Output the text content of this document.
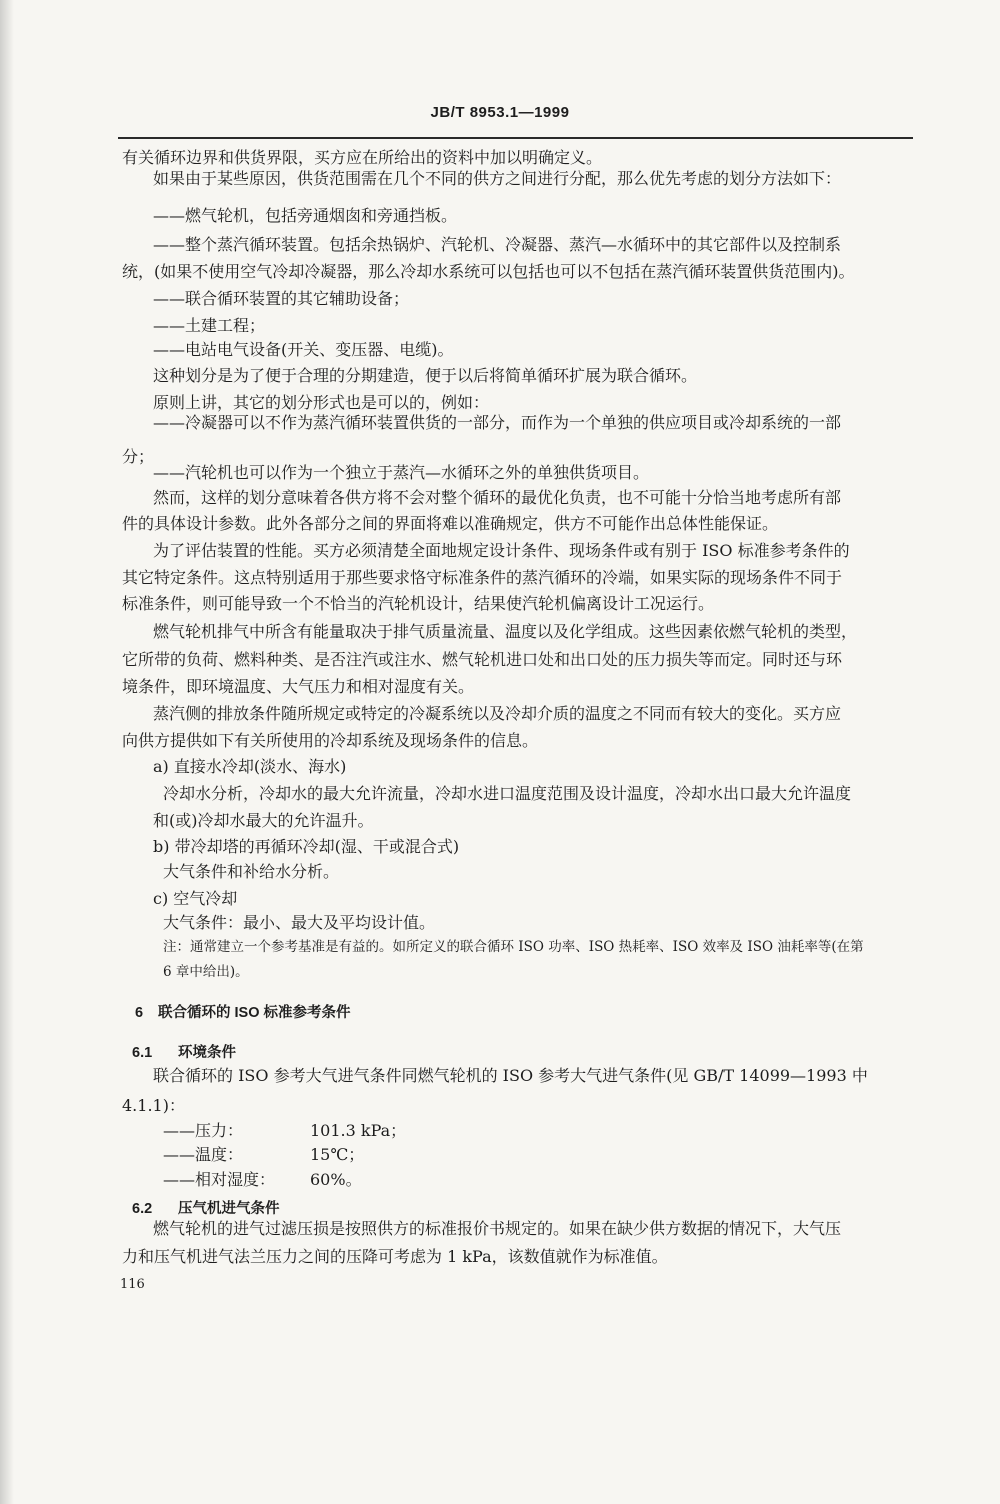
JB/T 8953.1—1999
有关循环边界和供货界限，买方应在所给出的资料中加以明确定义。
如果由于某些原因，供货范围需在几个不同的供方之间进行分配，那么优先考虑的划分方法如下：
——燃气轮机，包括旁通烟囱和旁通挡板。
——整个蒸汽循环装置。包括余热锅炉、汽轮机、冷凝器、蒸汽—水循环中的其它部件以及控制系
统，(如果不使用空气冷却冷凝器，那么冷却水系统可以包括也可以不包括在蒸汽循环装置供货范围内)。
——联合循环装置的其它辅助设备；
——土建工程；
——电站电气设备(开关、变压器、电缆)。
这种划分是为了便于合理的分期建造，便于以后将简单循环扩展为联合循环。
原则上讲，其它的划分形式也是可以的，例如：
——冷凝器可以不作为蒸汽循环装置供货的一部分，而作为一个单独的供应项目或冷却系统的一部
分；
——汽轮机也可以作为一个独立于蒸汽—水循环之外的单独供货项目。
然而，这样的划分意味着各供方将不会对整个循环的最优化负责，也不可能十分恰当地考虑所有部
件的具体设计参数。此外各部分之间的界面将难以准确规定，供方不可能作出总体性能保证。
为了评估装置的性能。买方必须清楚全面地规定设计条件、现场条件或有别于 ISO 标准参考条件的
其它特定条件。这点特别适用于那些要求恪守标准条件的蒸汽循环的冷端，如果实际的现场条件不同于
标准条件，则可能导致一个不恰当的汽轮机设计，结果使汽轮机偏离设计工况运行。
燃气轮机排气中所含有能量取决于排气质量流量、温度以及化学组成。这些因素依燃气轮机的类型，
它所带的负荷、燃料种类、是否注汽或注水、燃气轮机进口处和出口处的压力损失等而定。同时还与环
境条件，即环境温度、大气压力和相对湿度有关。
蒸汽侧的排放条件随所规定或特定的冷凝系统以及冷却介质的温度之不同而有较大的变化。买方应
向供方提供如下有关所使用的冷却系统及现场条件的信息。
a) 直接水冷却(淡水、海水)
冷却水分析，冷却水的最大允许流量，冷却水进口温度范围及设计温度，冷却水出口最大允许温度
和(或)冷却水最大的允许温升。
b) 带冷却塔的再循环冷却(湿、干或混合式)
大气条件和补给水分析。
c) 空气冷却
大气条件：最小、最大及平均设计值。
注：通常建立一个参考基准是有益的。如所定义的联合循环 ISO 功率、ISO 热耗率、ISO 效率及 ISO 油耗率等(在第
6 章中给出)。
6 联合循环的 ISO 标准参考条件
6.1 环境条件
联合循环的 ISO 参考大气进气条件同燃气轮机的 ISO 参考大气进气条件(见 GB/T 14099—1993 中
4.1.1)：
——压力：	101.3 kPa；
——温度：	15℃；
——相对湿度： 60%。
6.2 压气机进气条件
燃气轮机的进气过滤压损是按照供方的标准报价书规定的。如果在缺少供方数据的情况下，大气压
力和压气机进气法兰压力之间的压降可考虑为 1 kPa，该数值就作为标准值。
116
